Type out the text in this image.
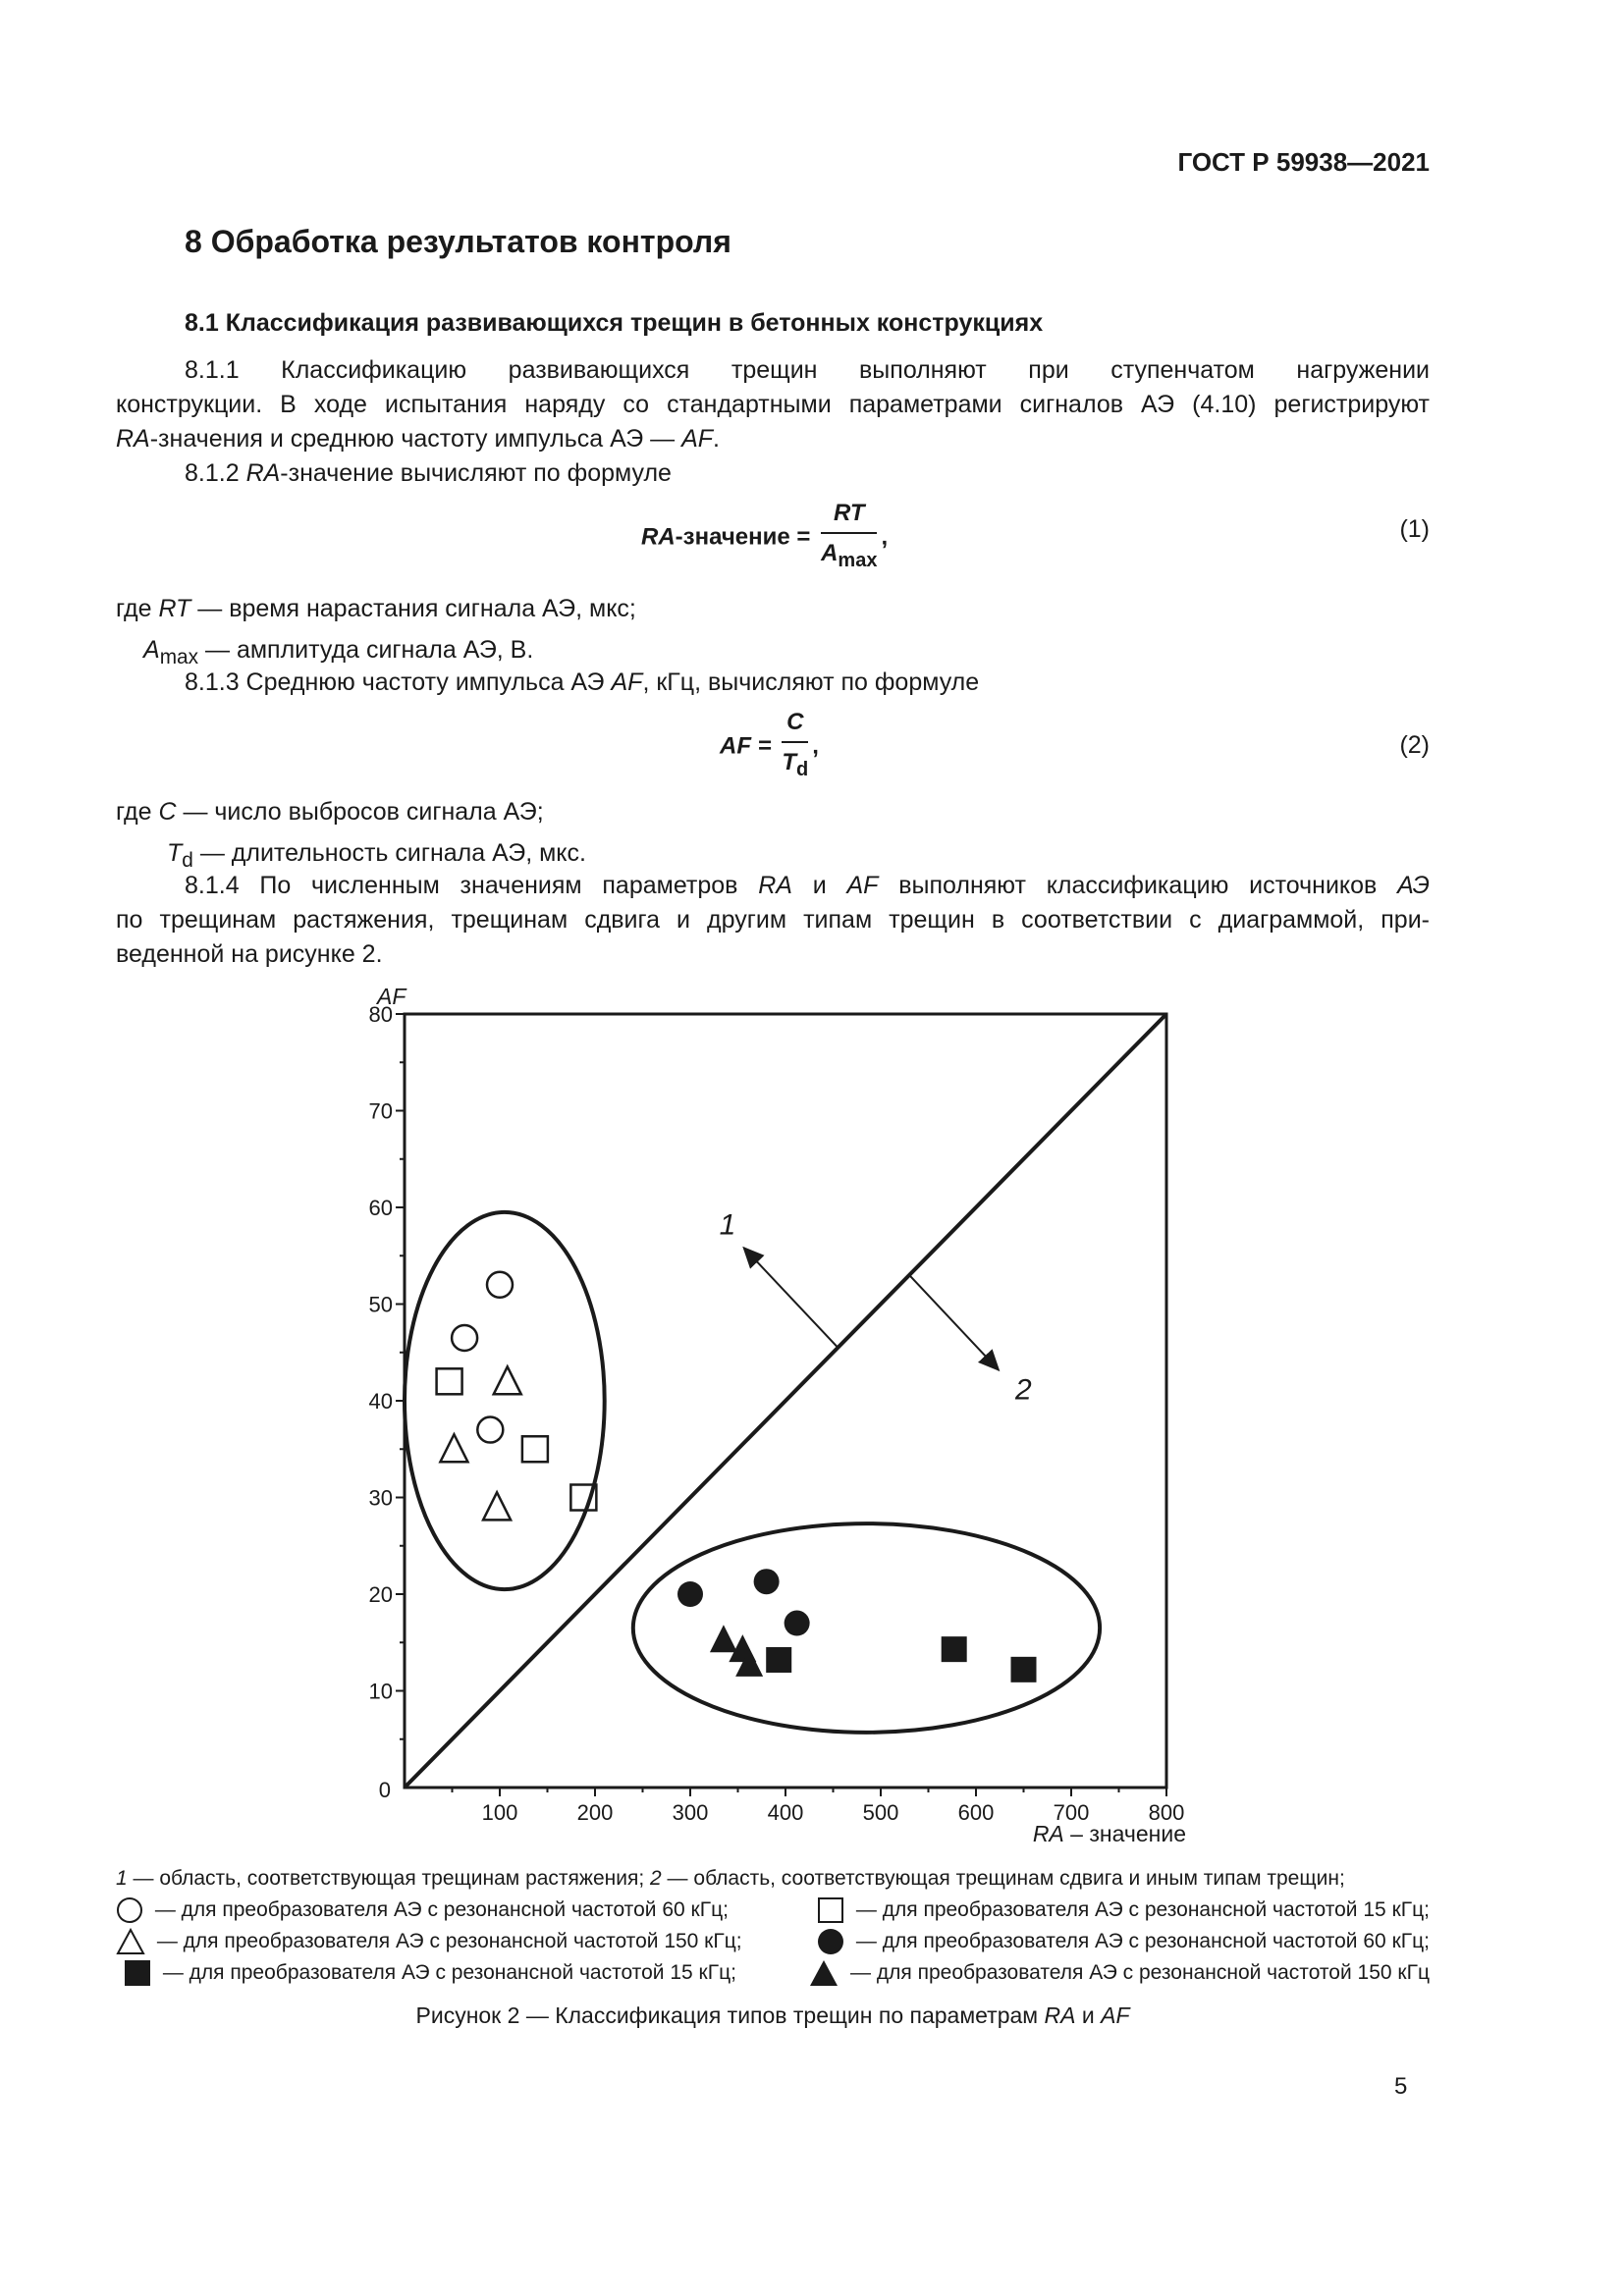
ГОСТ Р 59938—2021
8 Обработка результатов контроля
8.1 Классификация развивающихся трещин в бетонных конструкциях
8.1.1 Классификацию развивающихся трещин выполняют при ступенчатом нагружении
конструкции. В ходе испытания наряду со стандартными параметрами сигналов АЭ (4.10) регистрируют
RA-значения и среднюю частоту импульса АЭ — AF.
8.1.2 RA-значение вычисляют по формуле
RA-значение = $\frac{RT}{A_{max}}$ ,	(1)
где RT — время нарастания сигнала АЭ, мкс;
$A_{max}$ — амплитуда сигнала АЭ, В.
8.1.3 Среднюю частоту импульса АЭ AF, кГц, вычисляют по формуле
AF = $\frac{C}{T_d}$ ,	(2)
где C — число выбросов сигнала АЭ;
$T_d$ — длительность сигнала АЭ, мкс.
8.1.4 По численным значениям параметров RA и AF выполняют классификацию источников АЭ
по трещинам растяжения, трещинам сдвига и другим типам трещин в соответствии с диаграммой, при-
веденной на рисунке 2.
10
20
30
40
50
60
70
80
100	200	300	400	500	600	700	800
0
AF
RA – значение
1
2
1 — область, соответствующая трещинам растяжения; 2 — область, соответствующая трещинам сдвига и иным типам трещин;
— для преобразователя АЭ с резонансной частотой 60 кГц;	— для преобразователя АЭ с резонансной частотой 15 кГц;
— для преобразователя АЭ с резонансной частотой 150 кГц;	— для преобразователя АЭ с резонансной частотой 60 кГц;
— для преобразователя АЭ с резонансной частотой 15 кГц;	— для преобразователя АЭ с резонансной частотой 150 кГц
Рисунок 2 — Классификация типов трещин по параметрам RA и AF
5
